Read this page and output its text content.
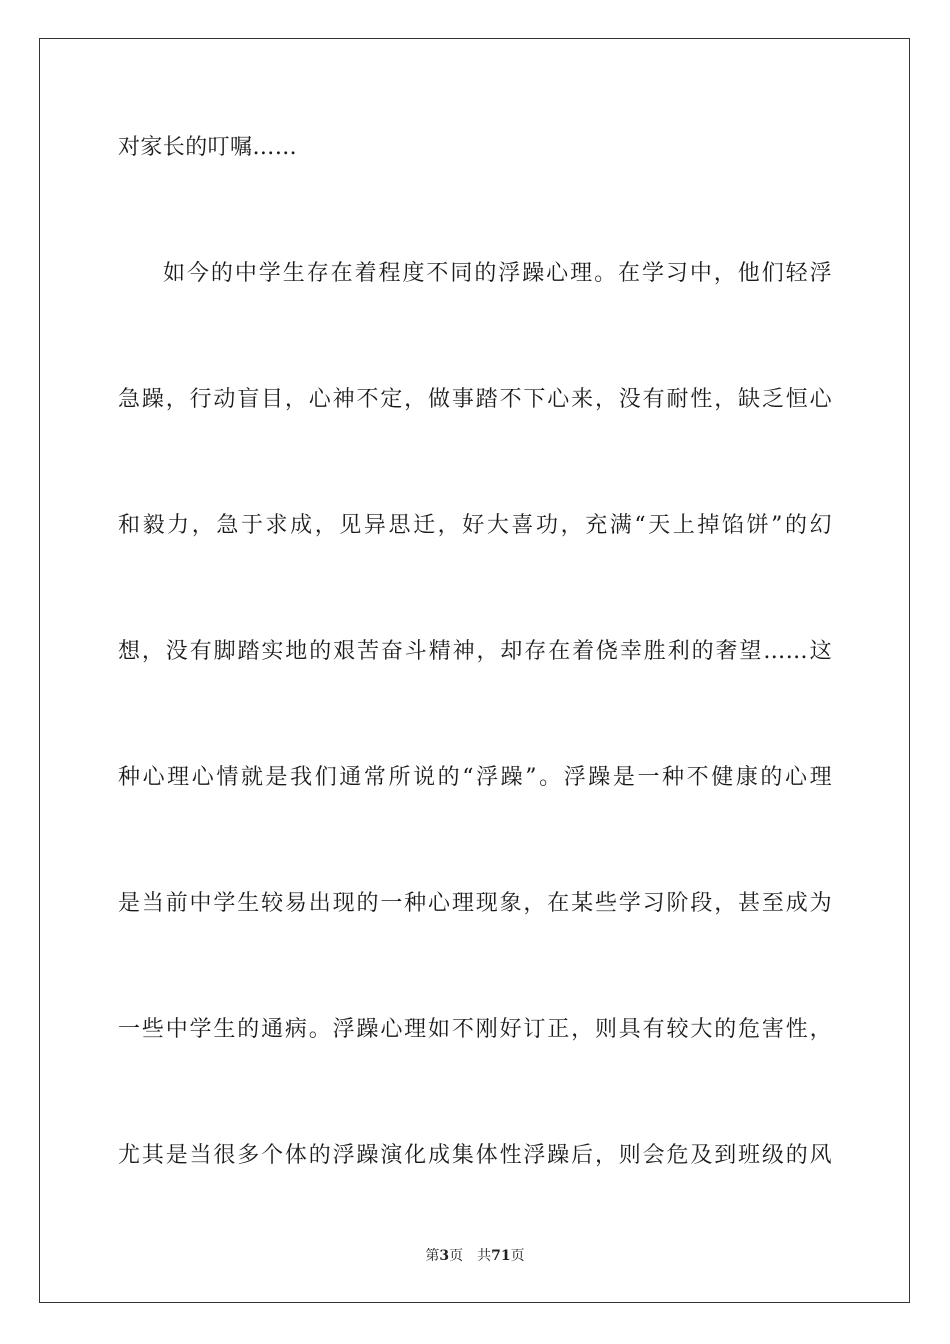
对家长的叮嘱……
如今的中学生存在着程度不同的浮躁心理。在学习中，他们轻浮
急躁，行动盲目，心神不定，做事踏不下心来，没有耐性，缺乏恒心
和毅力，急于求成，见异思迁，好大喜功，充满“天上掉馅饼”的幻
想，没有脚踏实地的艰苦奋斗精神，却存在着侥幸胜利的奢望……这
种心理心情就是我们通常所说的“浮躁”。浮躁是一种不健康的心理
是当前中学生较易出现的一种心理现象，在某些学习阶段，甚至成为
一些中学生的通病。浮躁心理如不刚好订正，则具有较大的危害性，
尤其是当很多个体的浮躁演化成集体性浮躁后，则会危及到班级的风
第3页 共71页
